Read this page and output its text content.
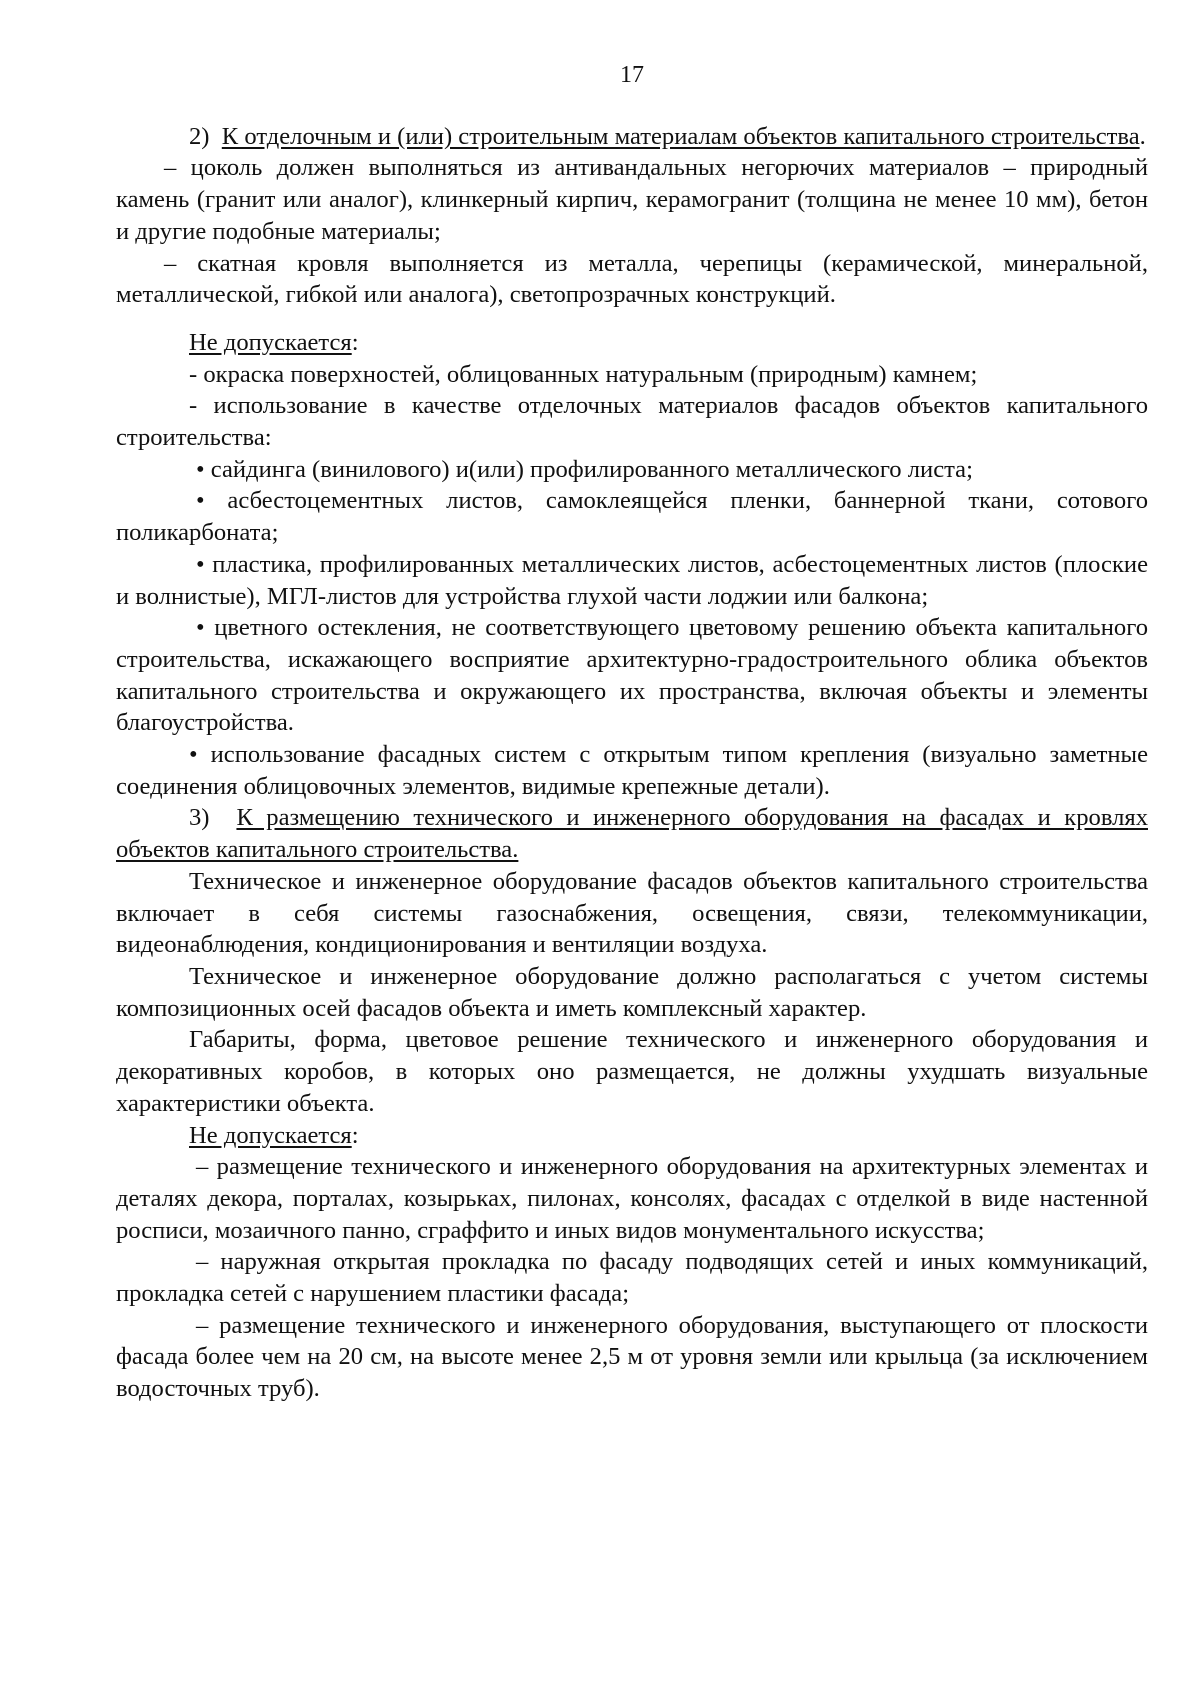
17

2) К отделочным и (или) строительным материалам объектов капитального строительства.

– цоколь должен выполняться из антивандальных негорючих материалов – природный камень (гранит или аналог), клинкерный кирпич, керамогранит (толщина не менее 10 мм), бетон и другие подобные материалы;

– скатная кровля выполняется из металла, черепицы (керамической, минеральной, металлической, гибкой или аналога), светопрозрачных конструкций.

Не допускается:

- окраска поверхностей, облицованных натуральным (природным) камнем;

- использование в качестве отделочных материалов фасадов объектов капитального строительства:

• сайдинга (винилового) и(или) профилированного металлического листа;

• асбестоцементных листов, самоклеящейся пленки, баннерной ткани, сотового поликарбоната;

• пластика, профилированных металлических листов, асбестоцементных листов (плоские и волнистые), МГЛ-листов для устройства глухой части лоджии или балкона;

• цветного остекления, не соответствующего цветовому решению объекта капитального строительства, искажающего восприятие архитектурно-градостроительного облика объектов капитального строительства и окружающего их пространства, включая объекты и элементы благоустройства.

• использование фасадных систем с открытым типом крепления (визуально заметные соединения облицовочных элементов, видимые крепежные детали).

3) К размещению технического и инженерного оборудования на фасадах и кровлях объектов капитального строительства.

Техническое и инженерное оборудование фасадов объектов капитального строительства включает в себя системы газоснабжения, освещения, связи, телекоммуникации, видеонаблюдения, кондиционирования и вентиляции воздуха.

Техническое и инженерное оборудование должно располагаться с учетом системы композиционных осей фасадов объекта и иметь комплексный характер.

Габариты, форма, цветовое решение технического и инженерного оборудования и декоративных коробов, в которых оно размещается, не должны ухудшать визуальные характеристики объекта.

Не допускается:

– размещение технического и инженерного оборудования на архитектурных элементах и деталях декора, порталах, козырьках, пилонах, консолях, фасадах с отделкой в виде настенной росписи, мозаичного панно, сграффито и иных видов монументального искусства;

– наружная открытая прокладка по фасаду подводящих сетей и иных коммуникаций, прокладка сетей с нарушением пластики фасада;

– размещение технического и инженерного оборудования, выступающего от плоскости фасада более чем на 20 см, на высоте менее 2,5 м от уровня земли или крыльца (за исключением водосточных труб).
